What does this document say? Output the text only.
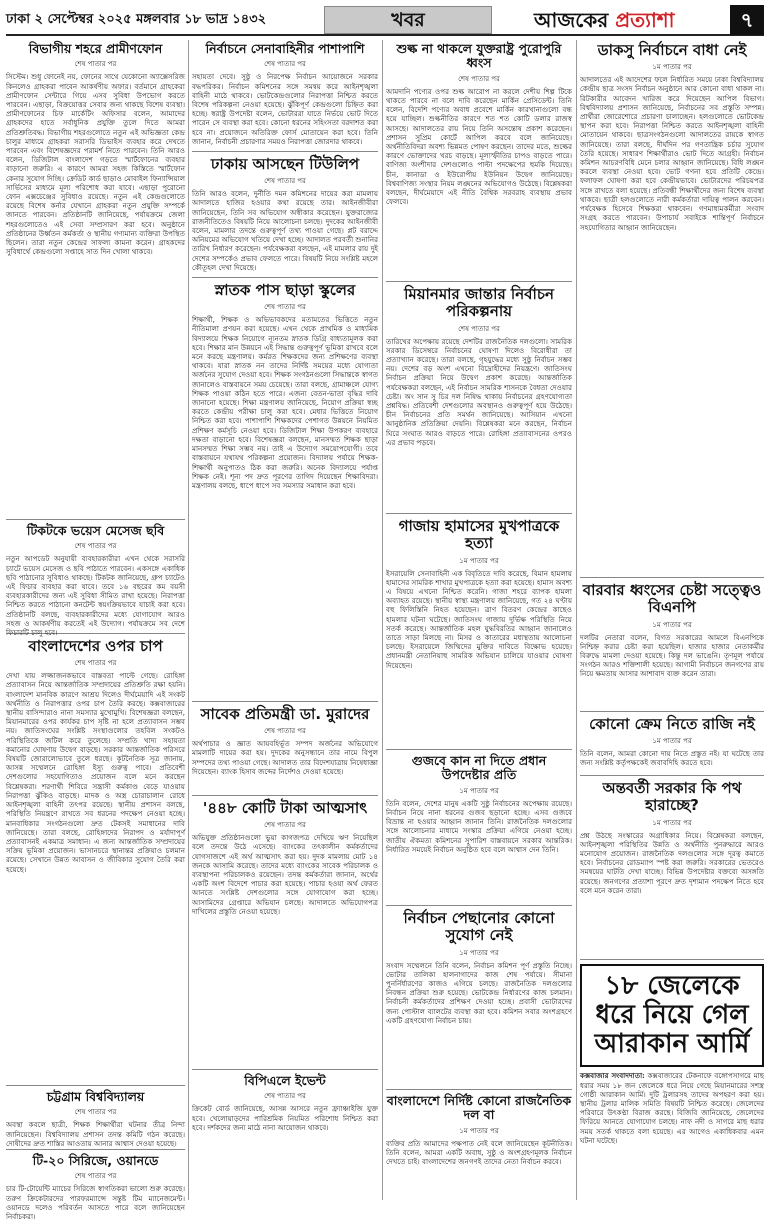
ঢাকা ২ সেপ্টেম্বর ২০২৫ মঙ্গলবার ১৮ ভাদ্র ১৪৩২	খবর	আজকের প্রত্যাশা	৭
বিভাগীয় শহরে প্রামীণফোন
শেষ পাতার পর
সিস্টেম। শুধু ফোনেই নয়, ফোনের সাথে যেকোনো অ্যাক্সেসরিজ কিনলেও গ্রাহকরা পাবেন আকর্ষণীয় অফার। বর্তমানে গ্রাহকেরা প্রামীণফোন সেন্টারে গিয়ে এসব সুবিধা উপভোগ করতে পারবেন। এছাড়া, বিক্রয়োত্তর সেবার জন্য থাকছে বিশেষ ব্যবস্থা। প্রামীণফোনের চিফ মার্কেটিং অফিসার বলেন, আমাদের গ্রাহকদের হাতে সর্বাধুনিক প্রযুক্তি তুলে দিতে আমরা প্রতিশ্রুতিবদ্ধ। বিভাগীয় শহরগুলোতে নতুন এই অভিজ্ঞতা কেন্দ্র চালুর মাধ্যমে গ্রাহকরা সরাসরি ডিভাইস ব্যবহার করে দেখতে পারবেন এবং বিশেষজ্ঞদের পরামর্শ নিতে পারবেন। তিনি আরও বলেন, ডিজিটাল বাংলাদেশ গড়তে স্মার্টফোনের ব্যবহার বাড়ানো জরুরি। এ কারণে আমরা সহজ কিস্তিতে স্মার্টফোন কেনার সুযোগ দিচ্ছি। ক্রেডিট কার্ড ছাড়াও মোবাইল ফিন্যান্সিয়াল সার্ভিসের মাধ্যমে মূল্য পরিশোধ করা যাবে। এছাড়া পুরোনো ফোন এক্সচেঞ্জের সুবিধাও রয়েছে। নতুন এই কেন্দ্রগুলোতে রয়েছে বিশেষ কর্নার যেখানে গ্রাহকরা নতুন প্রযুক্তি সম্পর্কে জানতে পারবেন। প্রতিষ্ঠানটি জানিয়েছে, পর্যায়ক্রমে জেলা শহরগুলোতেও এই সেবা সম্প্রসারণ করা হবে। অনুষ্ঠানে প্রতিষ্ঠানের উর্ধ্বতন কর্মকর্তা ও স্থানীয় গণ্যমান্য ব্যক্তিরা উপস্থিত ছিলেন। তারা নতুন কেন্দ্রের সাফল্য কামনা করেন। গ্রাহকদের সুবিধার্থে কেন্দ্রগুলো সপ্তাহে সাত দিন খোলা থাকবে।
টিকটকে ভয়েস মেসেজ ছবি
শেষ পাতার পর
নতুন আপডেট অনুযায়ী ব্যবহারকারীরা এখন থেকে সরাসরি চ্যাটে ভয়েস মেসেজ ও ছবি পাঠাতে পারবেন। একসঙ্গে একাধিক ছবি পাঠানোর সুবিধাও থাকছে। টিকটক জানিয়েছে, গ্রুপ চ্যাটেও এই ফিচার ব্যবহার করা যাবে। তবে ১৬ বছরের কম বয়সী ব্যবহারকারীদের জন্য এই সুবিধা সীমিত রাখা হয়েছে। নিরাপত্তা নিশ্চিত করতে পাঠানো কনটেন্ট স্বয়ংক্রিয়ভাবে যাচাই করা হবে। প্রতিষ্ঠানটি বলছে, ব্যবহারকারীদের মধ্যে যোগাযোগ আরও সহজ ও আকর্ষণীয় করতেই এই উদ্যোগ। পর্যায়ক্রমে সব দেশে ফিচারটি চালু হবে।
বাংলাদেশের ওপর চাপ
শেষ পাতার পর
দেখা যায় লজ্জাজনকভাবে বাস্তবতা পাল্টে গেছে। রোহিঙ্গা প্রত্যাবাসন নিয়ে আন্তর্জাতিক সম্প্রদায়ের প্রতিশ্রুতি রক্ষা হয়নি। বাংলাদেশ মানবিক কারণে আশ্রয় দিলেও দীর্ঘমেয়াদি এই সংকট অর্থনীতি ও নিরাপত্তার ওপর চাপ তৈরি করছে। কক্সবাজারের স্থানীয় বাসিন্দারাও নানা সমস্যার মুখোমুখি। বিশেষজ্ঞরা বলছেন, মিয়ানমারের ওপর কার্যকর চাপ সৃষ্টি না হলে প্রত্যাবাসন সম্ভব নয়। জাতিসংঘের সংশ্লিষ্ট সংস্থাগুলোর তহবিল সংকটও পরিস্থিতিকে জটিল করে তুলেছে। সম্প্রতি খাদ্য সহায়তা কমানোর ঘোষণায় উদ্বেগ বাড়ছে। সরকার আন্তর্জাতিক পরিসরে বিষয়টি জোরালোভাবে তুলে ধরছে। কূটনৈতিক সূত্র জানায়, আসন্ন সম্মেলনে রোহিঙ্গা ইস্যু গুরুত্ব পাবে। প্রতিবেশী দেশগুলোর সহযোগিতাও প্রয়োজন বলে মনে করছেন বিশ্লেষকরা। শরণার্থী শিবিরে সন্ত্রাসী কর্মকাণ্ড বেড়ে যাওয়ায় নিরাপত্তা ঝুঁকিও বাড়ছে। মাদক ও অস্ত্র চোরাচালান রোধে আইনশৃঙ্খলা বাহিনী তৎপর রয়েছে। স্থানীয় প্রশাসন বলছে, পরিস্থিতি নিয়ন্ত্রণে রাখতে সব ধরনের পদক্ষেপ নেওয়া হচ্ছে। মানবাধিকার সংগঠনগুলো দ্রুত টেকসই সমাধানের দাবি জানিয়েছে। তারা বলছে, রোহিঙ্গাদের নিরাপদ ও মর্যাদাপূর্ণ প্রত্যাবাসনই একমাত্র সমাধান। এ জন্য আন্তর্জাতিক সম্প্রদায়ের সক্রিয় ভূমিকা প্রয়োজন। ভাসানচরে স্থানান্তর প্রক্রিয়াও চলমান রয়েছে। সেখানে উন্নত আবাসন ও জীবিকার সুযোগ তৈরি করা হয়েছে।
চট্টগ্রাম বিশ্ববিদ্যালয়
শেষ পাতার পর
অবস্থা কবলে ছাত্রী, শিক্ষক শিক্ষার্থীরা ঘটনার তীব্র নিন্দা জানিয়েছেন। বিশ্ববিদ্যালয় প্রশাসন তদন্ত কমিটি গঠন করেছে। দোষীদের দ্রুত শাস্তির আওতায় আনার আশ্বাস দেওয়া হয়েছে।
টি-২০ সিরিজে, ওয়ানডে
শেষ পাতার পর
চার টি-টোয়েন্টি ম্যাচের সিরিজে স্বাগতিকরা ভালো শুরু করেছে। তরুণ ক্রিকেটারদের পারফরম্যান্সে সন্তুষ্ট টিম ম্যানেজমেন্ট। ওয়ানডে দলেও পরিবর্তন আসতে পারে বলে জানিয়েছেন নির্বাচকরা।
নির্বাচনে সেনাবাহিনীর পাশাপাশি
শেষ পাতার পর
সহায়তা দেবে। সুষ্ঠু ও নিরপেক্ষ নির্বাচন আয়োজনে সরকার বদ্ধপরিকর। নির্বাচন কমিশনের সঙ্গে সমন্বয় করে আইনশৃঙ্খলা বাহিনী মাঠে থাকবে। ভোটকেন্দ্রগুলোর নিরাপত্তা নিশ্চিত করতে বিশেষ পরিকল্পনা নেওয়া হয়েছে। ঝুঁকিপূর্ণ কেন্দ্রগুলো চিহ্নিত করা হচ্ছে। স্বরাষ্ট্র উপদেষ্টা বলেন, ভোটাররা যাতে নির্ভয়ে ভোট দিতে পারেন সে ব্যবস্থা করা হবে। কোনো ধরনের সহিংসতা বরদাশত করা হবে না। প্রয়োজনে অতিরিক্ত ফোর্স মোতায়েন করা হবে। তিনি জানান, নির্বাচনী প্রচারণার সময়ও নিরাপত্তা জোরদার থাকবে।
ঢাকায় আসছেন টিউলিপ
শেষ পাতার পর
তিনি আরও বলেন, দুর্নীতি দমন কমিশনের দায়ের করা মামলায় আদালতে হাজির হওয়ার কথা রয়েছে তার। আইনজীবীরা জানিয়েছেন, তিনি সব অভিযোগ অস্বীকার করেছেন। যুক্তরাজ্যের রাজনীতিতেও বিষয়টি নিয়ে আলোচনা চলছে। দুদকের আইনজীবী বলেন, মামলার তদন্তে গুরুত্বপূর্ণ তথ্য পাওয়া গেছে। প্লট বরাদ্দে অনিয়মের অভিযোগ খতিয়ে দেখা হচ্ছে। আদালত পরবর্তী শুনানির তারিখ নির্ধারণ করেছেন। পর্যবেক্ষকরা বলছেন, এই মামলার রায় দুই দেশের সম্পর্কেও প্রভাব ফেলতে পারে। বিষয়টি নিয়ে সংশ্লিষ্ট মহলে কৌতূহল দেখা দিয়েছে।
স্নাতক পাস ছাড়া স্কুলের
শেষ পাতার পর
শিক্ষার্থী, শিক্ষক ও অভিভাবকদের মতামতের ভিত্তিতে নতুন নীতিমালা প্রণয়ন করা হয়েছে। এখন থেকে প্রাথমিক ও মাধ্যমিক বিদ্যালয়ে শিক্ষক নিয়োগে ন্যূনতম স্নাতক ডিগ্রি বাধ্যতামূলক করা হবে। শিক্ষার মান উন্নয়নে এই সিদ্ধান্ত গুরুত্বপূর্ণ ভূমিকা রাখবে বলে মনে করছে মন্ত্রণালয়। কর্মরত শিক্ষকদের জন্য প্রশিক্ষণের ব্যবস্থা থাকবে। যারা স্নাতক নন তাদের নির্দিষ্ট সময়ের মধ্যে যোগ্যতা অর্জনের সুযোগ দেওয়া হবে। শিক্ষক সংগঠনগুলো সিদ্ধান্তকে স্বাগত জানালেও বাস্তবায়নে সময় চেয়েছে। তারা বলছে, গ্রামাঞ্চলে যোগ্য শিক্ষক পাওয়া কঠিন হতে পারে। এজন্য বেতন-ভাতা বৃদ্ধির দাবি জানানো হয়েছে। শিক্ষা মন্ত্রণালয় জানিয়েছে, নিয়োগ প্রক্রিয়া স্বচ্ছ করতে কেন্দ্রীয় পরীক্ষা চালু করা হবে। মেধার ভিত্তিতে নিয়োগ নিশ্চিত করা হবে। পাশাপাশি শিক্ষকদের পেশাগত উন্নয়নে নিয়মিত প্রশিক্ষণ কর্মসূচি নেওয়া হবে। ডিজিটাল শিক্ষা উপকরণ ব্যবহারে দক্ষতা বাড়ানো হবে। বিশেষজ্ঞরা বলছেন, মানসম্মত শিক্ষক ছাড়া মানসম্মত শিক্ষা সম্ভব নয়। তাই এ উদ্যোগ সময়োপযোগী। তবে বাস্তবায়নে যথাযথ পরিকল্পনা প্রয়োজন। বিদ্যালয় পর্যায়ে শিক্ষক-শিক্ষার্থী অনুপাতও ঠিক করা জরুরি। অনেক বিদ্যালয়ে পর্যাপ্ত শিক্ষক নেই। শূন্য পদ দ্রুত পূরণের তাগিদ দিয়েছেন শিক্ষাবিদরা। মন্ত্রণালয় বলছে, ধাপে ধাপে সব সমস্যার সমাধান করা হবে।
সাবেক প্রতিমন্ত্রী ডা. মুরাদের
শেষ পাতার পর
অর্থপাচার ও জ্ঞাত আয়বহির্ভূত সম্পদ অর্জনের অভিযোগে মামলাটি দায়ের করা হয়। দুদকের অনুসন্ধানে তার নামে বিপুল সম্পদের তথ্য পাওয়া গেছে। আদালত তার বিদেশযাত্রায় নিষেধাজ্ঞা দিয়েছেন। ব্যাংক হিসাব জব্দের নির্দেশও দেওয়া হয়েছে।
'৪৪৮ কোটি টাকা আত্মসাৎ
শেষ পাতার পর
অভিযুক্ত প্রতিষ্ঠানগুলো ভুয়া কাগজপত্র দেখিয়ে ঋণ নিয়েছিল বলে তদন্তে উঠে এসেছে। ব্যাংকের তৎকালীন কর্মকর্তাদের যোগসাজশে এই অর্থ আত্মসাৎ করা হয়। দুদক মামলায় মোট ১৪ জনকে আসামি করেছে। তাদের মধ্যে ব্যাংকের সাবেক পরিচালক ও ব্যবস্থাপনা পরিচালকও রয়েছেন। তদন্ত কর্মকর্তারা জানান, অর্থের একটি অংশ বিদেশে পাচার করা হয়েছে। পাচার হওয়া অর্থ ফেরত আনতে সংশ্লিষ্ট দেশগুলোর সঙ্গে যোগাযোগ করা হচ্ছে। আসামিদের গ্রেপ্তারে অভিযান চলছে। আদালতে অভিযোগপত্র দাখিলের প্রস্তুতি নেওয়া হয়েছে।
বিপিএলে ইভেন্ট
শেষ পাতার পর
ক্রিকেট বোর্ড জানিয়েছে, আসন্ন আসরে নতুন ফ্র্যাঞ্চাইজি যুক্ত হবে। খেলোয়াড়দের পারিশ্রমিক নিয়মিত পরিশোধ নিশ্চিত করা হবে। দর্শকদের জন্য মাঠে নানা আয়োজন থাকবে।
শুল্ক না থাকলে যুক্তরাষ্ট্র পুরোপুরি ধ্বংস
শেষ পাতার পর
আমদানি পণ্যের ওপর শুল্ক আরোপ না করলে দেশীয় শিল্প টিকে থাকতে পারবে না বলে দাবি করেছেন মার্কিন প্রেসিডেন্ট। তিনি বলেন, বিদেশি পণ্যের অবাধ প্রবেশে মার্কিন কারখানাগুলো বন্ধ হয়ে যাচ্ছিল। শুল্কনীতির কারণে শত শত কোটি ডলার রাজস্ব আসছে। আদালতের রায় নিয়ে তিনি অসন্তোষ প্রকাশ করেছেন। প্রশাসন সুপ্রিম কোর্টে আপিল করবে বলে জানিয়েছে। অর্থনীতিবিদরা অবশ্য ভিন্নমত পোষণ করছেন। তাদের মতে, শুল্কের কারণে ভোক্তাদের খরচ বাড়ছে। মূল্যস্ফীতির চাপও বাড়তে পারে। বাণিজ্য অংশীদার দেশগুলোও পাল্টা পদক্ষেপের হুমকি দিয়েছে। চীন, কানাডা ও ইউরোপীয় ইউনিয়ন উদ্বেগ জানিয়েছে। বিশ্ববাণিজ্য সংস্থার নিয়ম লঙ্ঘনের অভিযোগও উঠেছে। বিশ্লেষকরা বলছেন, দীর্ঘমেয়াদে এই নীতি বৈশ্বিক সরবরাহ ব্যবস্থায় প্রভাব ফেলবে।
মিয়ানমার জান্তার নির্বাচন পরিকল্পনায়
শেষ পাতার পর
তারিখের অপেক্ষায় রয়েছে দেশটির রাজনৈতিক দলগুলো। সামরিক সরকার ডিসেম্বরে নির্বাচনের ঘোষণা দিলেও বিরোধীরা তা প্রত্যাখ্যান করেছে। তারা বলছে, গৃহযুদ্ধের মধ্যে সুষ্ঠু নির্বাচন সম্ভব নয়। দেশের বড় অংশ এখনো বিদ্রোহীদের নিয়ন্ত্রণে। জাতিসংঘ নির্বাচন প্রক্রিয়া নিয়ে উদ্বেগ প্রকাশ করেছে। আন্তর্জাতিক পর্যবেক্ষকরা বলছেন, এই নির্বাচন সামরিক শাসনকে বৈধতা দেওয়ার চেষ্টা। অং সান সু চির দল নিষিদ্ধ থাকায় নির্বাচনের গ্রহণযোগ্যতা প্রশ্নবিদ্ধ। প্রতিবেশী দেশগুলোর অবস্থানও গুরুত্বপূর্ণ হয়ে উঠেছে। চীন নির্বাচনের প্রতি সমর্থন জানিয়েছে। আসিয়ান এখনো আনুষ্ঠানিক প্রতিক্রিয়া দেয়নি। বিশ্লেষকরা মনে করছেন, নির্বাচন ঘিরে সংঘাত আরও বাড়তে পারে। রোহিঙ্গা প্রত্যাবাসনের ওপরও এর প্রভাব পড়বে।
গাজায় হামাসের মুখপাত্রকে হত্যা
১ম পাতার পর
ইসরায়েলি সেনাবাহিনী এক বিবৃতিতে দাবি করেছে, বিমান হামলায় হামাসের সামরিক শাখার মুখপাত্রকে হত্যা করা হয়েছে। হামাস অবশ্য এ বিষয়ে এখনো নিশ্চিত করেনি। গাজা শহরে ব্যাপক হামলা অব্যাহত রয়েছে। স্থানীয় স্বাস্থ্য মন্ত্রণালয় জানিয়েছে, গত ২৪ ঘণ্টায় বহু ফিলিস্তিনি নিহত হয়েছেন। ত্রাণ বিতরণ কেন্দ্রের কাছেও হামলার ঘটনা ঘটেছে। জাতিসংঘ গাজায় দুর্ভিক্ষ পরিস্থিতি নিয়ে সতর্ক করেছে। আন্তর্জাতিক মহল যুদ্ধবিরতির আহ্বান জানালেও তাতে সাড়া মিলছে না। মিসর ও কাতারের মধ্যস্থতায় আলোচনা চলছে। ইসরায়েলে জিম্মিদের মুক্তির দাবিতে বিক্ষোভ হয়েছে। প্রধানমন্ত্রী নেতানিয়াহু সামরিক অভিযান চালিয়ে যাওয়ার ঘোষণা দিয়েছেন।
গুজবে কান না দিতে প্রধান উপদেষ্টার প্রতি
১ম পাতার পর
তিনি বলেন, দেশের মানুষ একটি সুষ্ঠু নির্বাচনের অপেক্ষায় রয়েছে। নির্বাচন নিয়ে নানা ধরনের গুজব ছড়ানো হচ্ছে। এসব গুজবে বিভ্রান্ত না হওয়ার আহ্বান জানান তিনি। রাজনৈতিক দলগুলোর সঙ্গে আলোচনার মাধ্যমে সংস্কার প্রক্রিয়া এগিয়ে নেওয়া হচ্ছে। জাতীয় ঐকমত্য কমিশনের সুপারিশ বাস্তবায়নে সরকার আন্তরিক। নির্ধারিত সময়েই নির্বাচন অনুষ্ঠিত হবে বলে আশ্বাস দেন তিনি।
নির্বাচন পেছানোর কোনো সুযোগ নেই
১ম পাতার পর
সংবাদ সম্মেলনে তিনি বলেন, নির্বাচন কমিশন পূর্ণ প্রস্তুতি নিচ্ছে। ভোটার তালিকা হালনাগাদের কাজ শেষ পর্যায়ে। সীমানা পুনর্নির্ধারণের কাজও এগিয়ে চলছে। রাজনৈতিক দলগুলোর নিবন্ধন প্রক্রিয়া শুরু হয়েছে। ভোটকেন্দ্র নির্ধারণের কাজ চলমান। নির্বাচনী কর্মকর্তাদের প্রশিক্ষণ দেওয়া হচ্ছে। প্রবাসী ভোটারদের জন্য পোস্টাল ব্যালটের ব্যবস্থা করা হবে। কমিশন সবার অংশগ্রহণে একটি গ্রহণযোগ্য নির্বাচন চায়।
বাংলাদেশে নির্দিষ্ট কোনো রাজনৈতিক দল বা
১ম পাতার পর
ব্যক্তির প্রতি আমাদের পক্ষপাত নেই বলে জানিয়েছেন কূটনীতিক। তিনি বলেন, আমরা একটি অবাধ, সুষ্ঠু ও অংশগ্রহণমূলক নির্বাচন দেখতে চাই। বাংলাদেশের জনগণই তাদের নেতা নির্বাচন করবে।
ডাকসু নির্বাচনে বাধা নেই
১ম পাতার পর
আদালতের এই আদেশের ফলে নির্ধারিত সময়ে ঢাকা বিশ্ববিদ্যালয় কেন্দ্রীয় ছাত্র সংসদ নির্বাচন অনুষ্ঠানে আর কোনো বাধা থাকল না। রিটকারীর আবেদন খারিজ করে দিয়েছেন আপিল বিভাগ। বিশ্ববিদ্যালয় প্রশাসন জানিয়েছে, নির্বাচনের সব প্রস্তুতি সম্পন্ন। প্রার্থীরা জোরেশোরে প্রচারণা চালাচ্ছেন। হলগুলোতে ভোটকেন্দ্র স্থাপন করা হবে। নিরাপত্তা নিশ্চিত করতে আইনশৃঙ্খলা বাহিনী মোতায়েন থাকবে। ছাত্রসংগঠনগুলো আদালতের রায়কে স্বাগত জানিয়েছে। তারা বলছে, দীর্ঘদিন পর গণতান্ত্রিক চর্চার সুযোগ তৈরি হয়েছে। সাধারণ শিক্ষার্থীরাও ভোট দিতে আগ্রহী। নির্বাচন কমিশন আচরণবিধি মেনে চলার আহ্বান জানিয়েছে। বিধি লঙ্ঘন করলে ব্যবস্থা নেওয়া হবে। ভোট গণনা হবে প্রতিটি কেন্দ্রে। ফলাফল ঘোষণা করা হবে কেন্দ্রীয়ভাবে। ভোটারদের পরিচয়পত্র সঙ্গে রাখতে বলা হয়েছে। প্রতিবন্ধী শিক্ষার্থীদের জন্য বিশেষ ব্যবস্থা থাকবে। ছাত্রী হলগুলোতে নারী কর্মকর্তারা দায়িত্ব পালন করবেন। পর্যবেক্ষক হিসেবে শিক্ষকরা থাকবেন। গণমাধ্যমকর্মীরা সংবাদ সংগ্রহ করতে পারবেন। উপাচার্য সবাইকে শান্তিপূর্ণ নির্বাচনে সহযোগিতার আহ্বান জানিয়েছেন।
বারবার ধ্বংসের চেষ্টা সত্ত্বেও বিএনপি
১ম পাতার পর
দলটির নেতারা বলেন, বিগত সরকারের আমলে বিএনপিকে নিশ্চিহ্ন করার চেষ্টা করা হয়েছিল। হাজার হাজার নেতাকর্মীর বিরুদ্ধে মামলা দেওয়া হয়েছে। কিন্তু দল ভাঙেনি। তৃণমূল পর্যায়ে সংগঠন আরও শক্তিশালী হয়েছে। আগামী নির্বাচনে জনগণের রায় নিয়ে ক্ষমতায় আসার আশাবাদ ব্যক্ত করেন তারা।
কোনো ক্রেম নিতে রাজি নই
১ম পাতার পর
তিনি বলেন, আমরা কোনো দায় নিতে প্রস্তুত নই। যা ঘটেছে তার জন্য সংশ্লিষ্ট কর্তৃপক্ষকেই জবাবদিহি করতে হবে।
অন্তবর্তী সরকার কি পথ হারাচ্ছে?
১ম পাতার পর
প্রশ্ন উঠছে সংস্কারের অগ্রাধিকার নিয়ে। বিশ্লেষকরা বলছেন, আইনশৃঙ্খলা পরিস্থিতির উন্নতি ও অর্থনীতি পুনরুদ্ধারে আরও মনোযোগ প্রয়োজন। রাজনৈতিক দলগুলোর সঙ্গে দূরত্ব কমাতে হবে। নির্বাচনের রোডম্যাপ স্পষ্ট করা জরুরি। সরকারের ভেতরেও সমন্বয়ের ঘাটতি দেখা যাচ্ছে। বিভিন্ন উপদেষ্টার বক্তব্যে অসঙ্গতি রয়েছে। জনগণের প্রত্যাশা পূরণে দ্রুত দৃশ্যমান পদক্ষেপ নিতে হবে বলে মনে করেন তারা।
১৮ জেলেকে ধরে নিয়ে গেল আরাকান আর্মি
কক্সবাজার সংবাদদাতা: কক্সবাজারের টেকনাফে বঙ্গোপসাগরে মাছ ধরার সময় ১৮ জন জেলেকে ধরে নিয়ে গেছে মিয়ানমারের সশস্ত্র গোষ্ঠী আরাকান আর্মি। দুটি ট্রলারসহ তাদের অপহরণ করা হয়। স্থানীয় ট্রলার মালিক সমিতি বিষয়টি নিশ্চিত করেছে। জেলেদের পরিবারে উৎকণ্ঠা বিরাজ করছে। বিজিবি জানিয়েছে, জেলেদের ফিরিয়ে আনতে যোগাযোগ চলছে। নাফ নদী ও সাগরে মাছ ধরার সময় সতর্ক থাকতে বলা হয়েছে। এর আগেও একাধিকবার এমন ঘটনা ঘটেছে।
